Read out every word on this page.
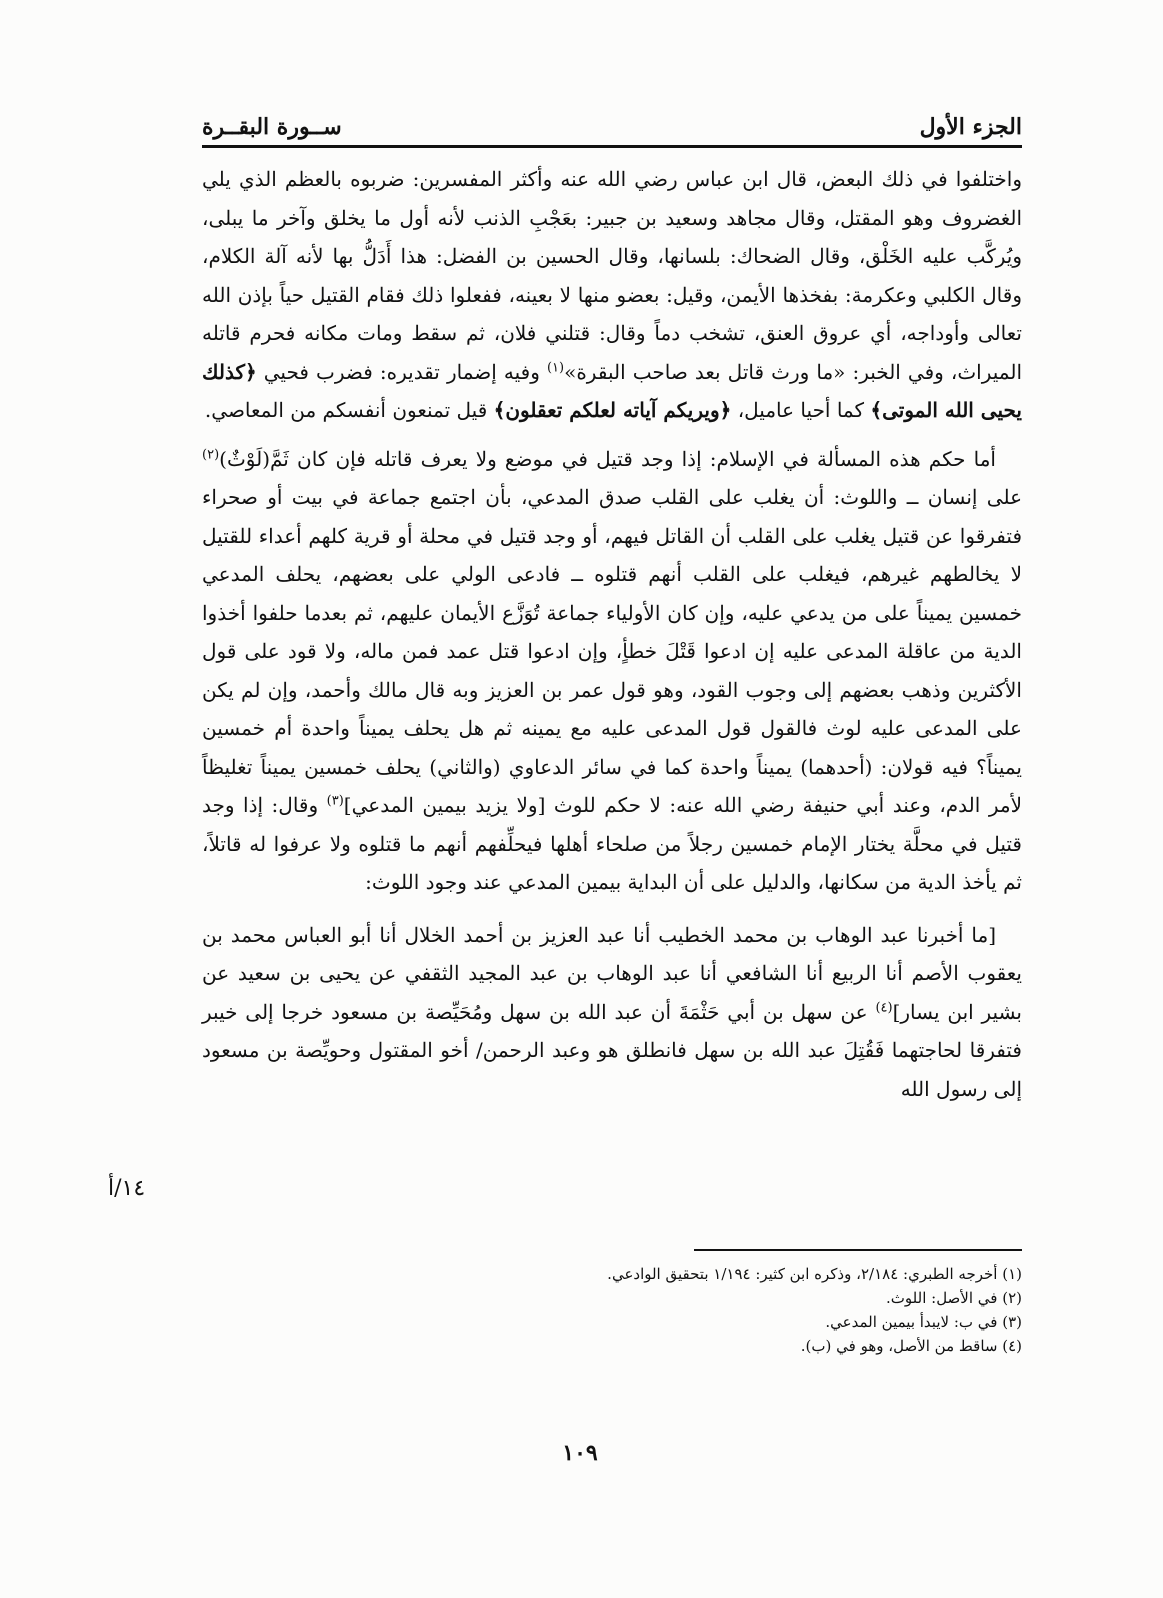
الجزء الأول
ســورة البقــرة

واختلفوا في ذلك البعض، قال ابن عباس رضي الله عنه وأكثر المفسرين: ضربوه بالعظم الذي يلي الغضروف وهو المقتل، وقال مجاهد وسعيد بن جبير: بعَجْبِ الذنب لأنه أول ما يخلق وآخر ما يبلى، ويُركَّب عليه الخَلْق، وقال الضحاك: بلسانها، وقال الحسين بن الفضل: هذا أَدَلُّ بها لأنه آلة الكلام، وقال الكلبي وعكرمة: بفخذها الأيمن، وقيل: بعضو منها لا بعينه، ففعلوا ذلك فقام القتيل حياً بإذن الله تعالى وأوداجه، أي عروق العنق، تشخب دماً وقال: قتلني فلان، ثم سقط ومات مكانه فحرم قاتله الميراث، وفي الخبر: «ما ورث قاتل بعد صاحب البقرة»$^{(١)}$ وفيه إضمار تقديره: فضرب فحيي ﴿كذلك يحيى الله الموتى﴾ كما أحيا عاميل، ﴿ويريكم آياته لعلكم تعقلون﴾ قيل تمنعون أنفسكم من المعاصي.

أما حكم هذه المسألة في الإسلام: إذا وجد قتيل في موضع ولا يعرف قاتله فإن كان ثَمَّ(لَوْثٌ)$^{(٢)}$ على إنسان ــ واللوث: أن يغلب على القلب صدق المدعي، بأن اجتمع جماعة في بيت أو صحراء فتفرقوا عن قتيل يغلب على القلب أن القاتل فيهم، أو وجد قتيل في محلة أو قرية كلهم أعداء للقتيل لا يخالطهم غيرهم، فيغلب على القلب أنهم قتلوه ــ فادعى الولي على بعضهم، يحلف المدعي خمسين يميناً على من يدعي عليه، وإن كان الأولياء جماعة تُوَزَّع الأيمان عليهم، ثم بعدما حلفوا أخذوا الدية من عاقلة المدعى عليه إن ادعوا قَتْلَ خطأٍ، وإن ادعوا قتل عمد فمن ماله، ولا قود على قول الأكثرين وذهب بعضهم إلى وجوب القود، وهو قول عمر بن العزيز وبه قال مالك وأحمد، وإن لم يكن على المدعى عليه لوث فالقول قول المدعى عليه مع يمينه ثم هل يحلف يميناً واحدة أم خمسين يميناً؟ فيه قولان: (أحدهما) يميناً واحدة كما في سائر الدعاوي (والثاني) يحلف خمسين يميناً تغليظاً لأمر الدم، وعند أبي حنيفة رضي الله عنه: لا حكم للوث [ولا يزيد بيمين المدعي]$^{(٣)}$ وقال: إذا وجد قتيل في محلَّة يختار الإمام خمسين رجلاً من صلحاء أهلها فيحلِّفهم أنهم ما قتلوه ولا عرفوا له قاتلاً، ثم يأخذ الدية من سكانها، والدليل على أن البداية بيمين المدعي عند وجود اللوث:

[ما أخبرنا عبد الوهاب بن محمد الخطيب أنا عبد العزيز بن أحمد الخلال أنا أبو العباس محمد بن يعقوب الأصم أنا الربيع أنا الشافعي أنا عبد الوهاب بن عبد المجيد الثقفي عن يحيى بن سعيد عن بشير ابن يسار]$^{(٤)}$ عن سهل بن أبي حَثْمَةَ أن عبد الله بن سهل ومُحَيِّصة بن مسعود خرجا إلى خيبر فتفرقا لحاجتهما فَقُتِلَ عبد الله بن سهل فانطلق هو وعبد الرحمن/ أخو المقتول وحويِّصة بن مسعود إلى رسول الله

١٤/أ
(١) أخرجه الطبري: ٢/١٨٤، وذكره ابن كثير: ١/١٩٤ بتحقيق الوادعي.
(٢) في الأصل: اللوث.
(٣) في ب: لايبدأ بيمين المدعي.
(٤) ساقط من الأصل، وهو في (ب).
١٠٩
